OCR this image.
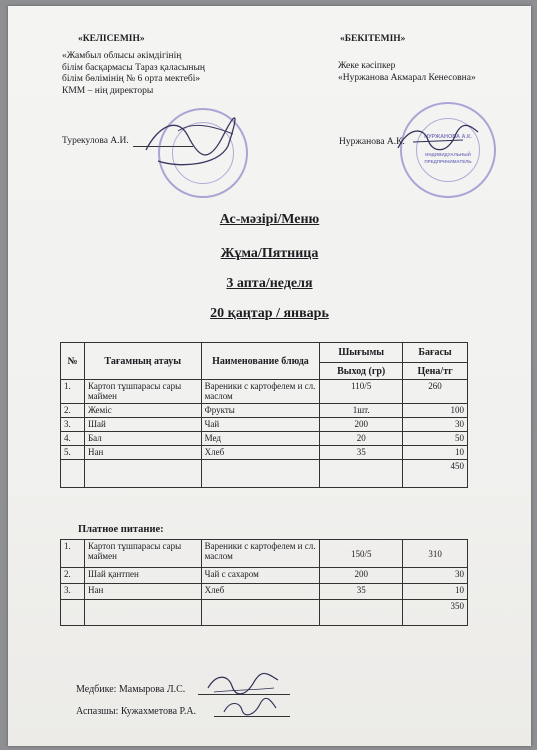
«КЕЛІСЕМІН»
«Жамбыл облысы әкімдігінің
білім басқармасы Тараз қаласының
білім бөлімінің № 6 орта мектебі»
КММ – нің директоры
Турекулова А.И.
«БЕКІТЕМІН»
Жеке кәсіпкер
«Нуржанова Акмарал Кенесовна»
Нуржанова А.К.	НУРЖАНОВА А.К.
ИНДИВИДУАЛЬНЫЙ ПРЕДПРИНИМАТЕЛЬ
Ас-мәзірі/Меню
Жұма/Пятница
3 апта/неделя
20 қаңтар / январь
№	Тағамның атауы	Наименование блюда	Шығымы	Бағасы
			Выход (гр)	Цена/тг
1.	Картоп тұшпарасы сары маймен	Вареники с картофелем и сл. маслом	110/5	260
2.	Жеміс	Фрукты	1шт.	100
3.	Шай	Чай	200	30
4.	Бал	Мед	20	50
5.	Нан	Хлеб	35	10
				450
Платное питание:
1.	Картоп тұшпарасы сары маймен	Вареники с картофелем и сл. маслом	150/5	310
2.	Шай қантпен	Чай с сахаром	200	30
3.	Нан	Хлеб	35	10
				350
Медбике: Мамырова Л.С.
Аспазшы: Кужахметова Р.А.
